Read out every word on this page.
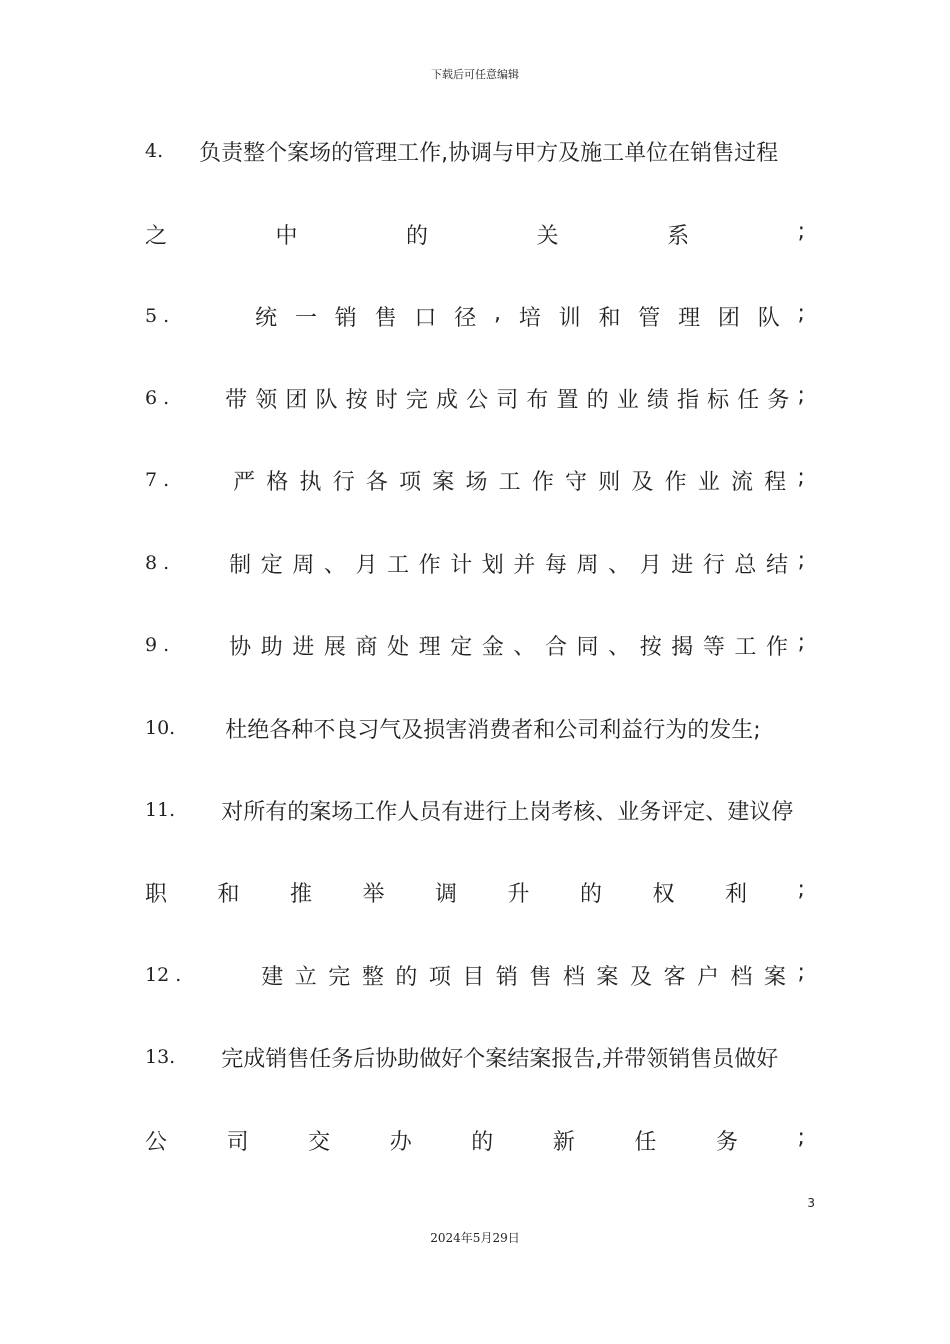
下载后可任意编辑
4. 负责整个案场的管理工作,协调与甲方及施工单位在销售过程
之	中	的	关	系	;
5 .	统 一 销 售 口 径 , 培 训 和 管 理 团 队 ;
6 .	带 领 团 队 按 时 完 成 公 司 布 置 的 业 绩 指 标 任 务 ;
7 .	严 格 执 行 各 项 案 场 工 作 守 则 及 作 业 流 程 ;
8 .	制 定 周 、 月 工 作 计 划 并 每 周 、 月 进 行 总 结 ;
9 .	协 助 进 展 商 处 理 定 金 、 合 同 、 按 揭 等 工 作 ;
10. 杜绝各种不良习气及损害消费者和公司利益行为的发生;
11. 对所有的案场工作人员有进行上岗考核、业务评定、建议停
职 和 推 举 调 升 的 权 利 ;
12 .	建 立 完 整 的 项 目 销 售 档 案 及 客 户 档 案 ;
13. 完成销售任务后协助做好个案结案报告,并带领销售员做好
公	司	交	办	的	新	任	务	;
3
2024年5月29日
